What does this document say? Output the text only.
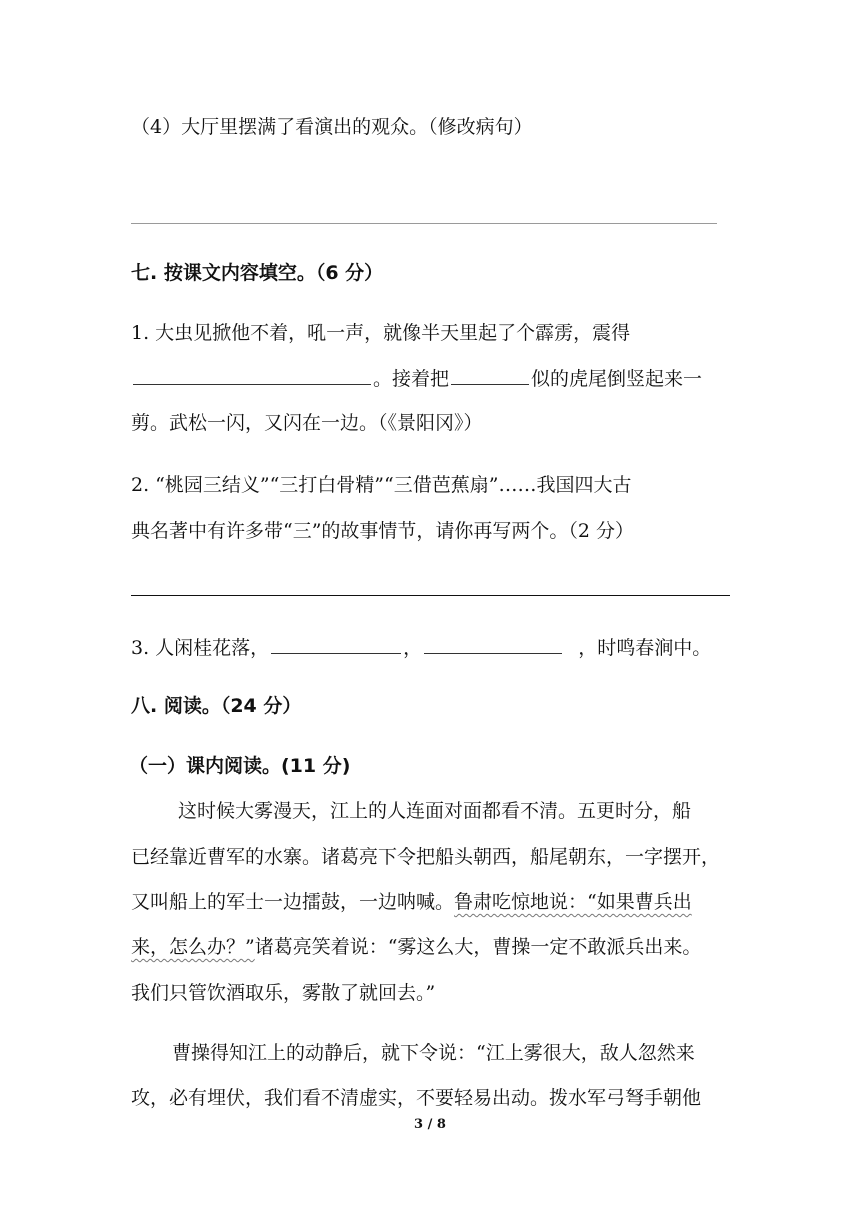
（4）大厅里摆满了看演出的观众。（修改病句）
七. 按课文内容填空。（6 分）
1. 大虫见掀他不着，吼一声，就像半天里起了个霹雳，震得
。接着把	似的虎尾倒竖起来一
剪。武松一闪，又闪在一边。（《景阳冈》）
2. “桃园三结义”“三打白骨精”“三借芭蕉扇”……我国四大古
典名著中有许多带“三”的故事情节，请你再写两个。（2 分）
3. 人闲桂花落，	，	，时鸣春涧中。
八. 阅读。（24 分）
（一）课内阅读。(11 分)
这时候大雾漫天，江上的人连面对面都看不清。五更时分，船
已经靠近曹军的水寨。诸葛亮下令把船头朝西，船尾朝东，一字摆开，
又叫船上的军士一边擂鼓，一边呐喊。鲁肃吃惊地说：“如果曹兵出
来，怎么办？”诸葛亮笑着说：“雾这么大，曹操一定不敢派兵出来。
我们只管饮酒取乐，雾散了就回去。”
曹操得知江上的动静后，就下令说：“江上雾很大，敌人忽然来
攻，必有埋伏，我们看不清虚实，不要轻易出动。拨水军弓弩手朝他
3 / 8
